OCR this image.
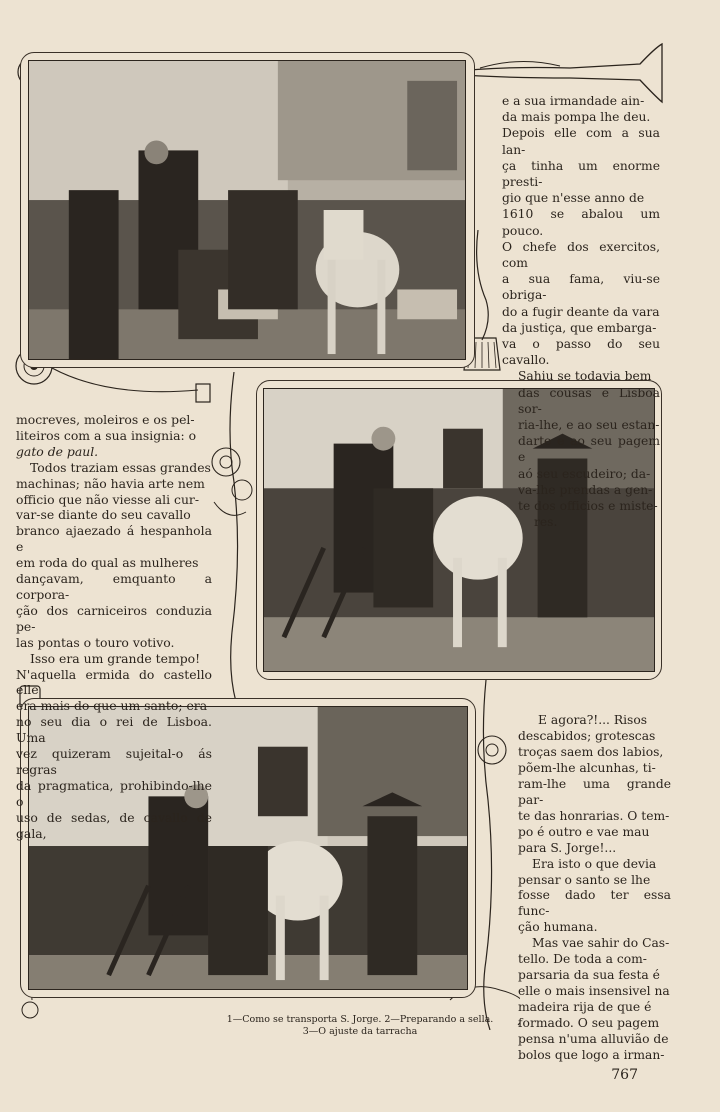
e a sua irmandade ain-

da mais pompa lhe deu.

Depois elle com a sua lan-

ça tinha um enorme presti-

gio que n'esse anno de

1610 se abalou um pouco.

O chefe dos exercitos, com

a sua fama, viu-se obriga-

do a fugir deante da vara

da justiça, que embarga-

va o passo do seu cavallo.

Sahiu se todavia bem

das cousas e Lisboa sor-

ria-lhe, e ao seu estan-

darte e ao seu pagem e

aó seu escudeiro; da-

va-lhe prendas a gen-

te dos officios e miste-

res.

mocreves, moleiros e os pel-

liteiros com a sua insignia: o

gato de paul.

Todos traziam essas grandes

machinas; não havia arte nem

officio que não viesse ali cur-

var-se diante do seu cavallo

branco ajaezado á hespanhola e

em roda do qual as mulheres

dançavam, emquanto a corpora-

ção dos carniceiros conduzia pe-

las pontas o touro votivo.

Isso era um grande tempo!

N'aquella ermida do castello elle

era mais do que um santo; era

no seu dia o rei de Lisboa. Uma

vez quizeram sujeital-o ás regras

da pragmatica, prohibindo-lhe o

uso de sedas, de cavallo de gala,

E agora?!... Risos

descabidos; grotescas

troças saem dos labios,

põem-lhe alcunhas, ti-

ram-lhe uma grande par-

te das honrarias. O tem-

po é outro e vae mau

para S. Jorge!...

Era isto o que devia

pensar o santo se lhe

fosse dado ter essa func-

ção humana.

Mas vae sahir do Cas-

tello. De toda a com-

parsaria da sua festa é

elle o mais insensivel na

madeira rija de que é

formado. O seu pagem

pensa n'uma alluvião de

bolos que logo a irman-

1—Como se transporta S. Jorge. 2—Preparando a sella.
3—O ajuste da tarracha
767
